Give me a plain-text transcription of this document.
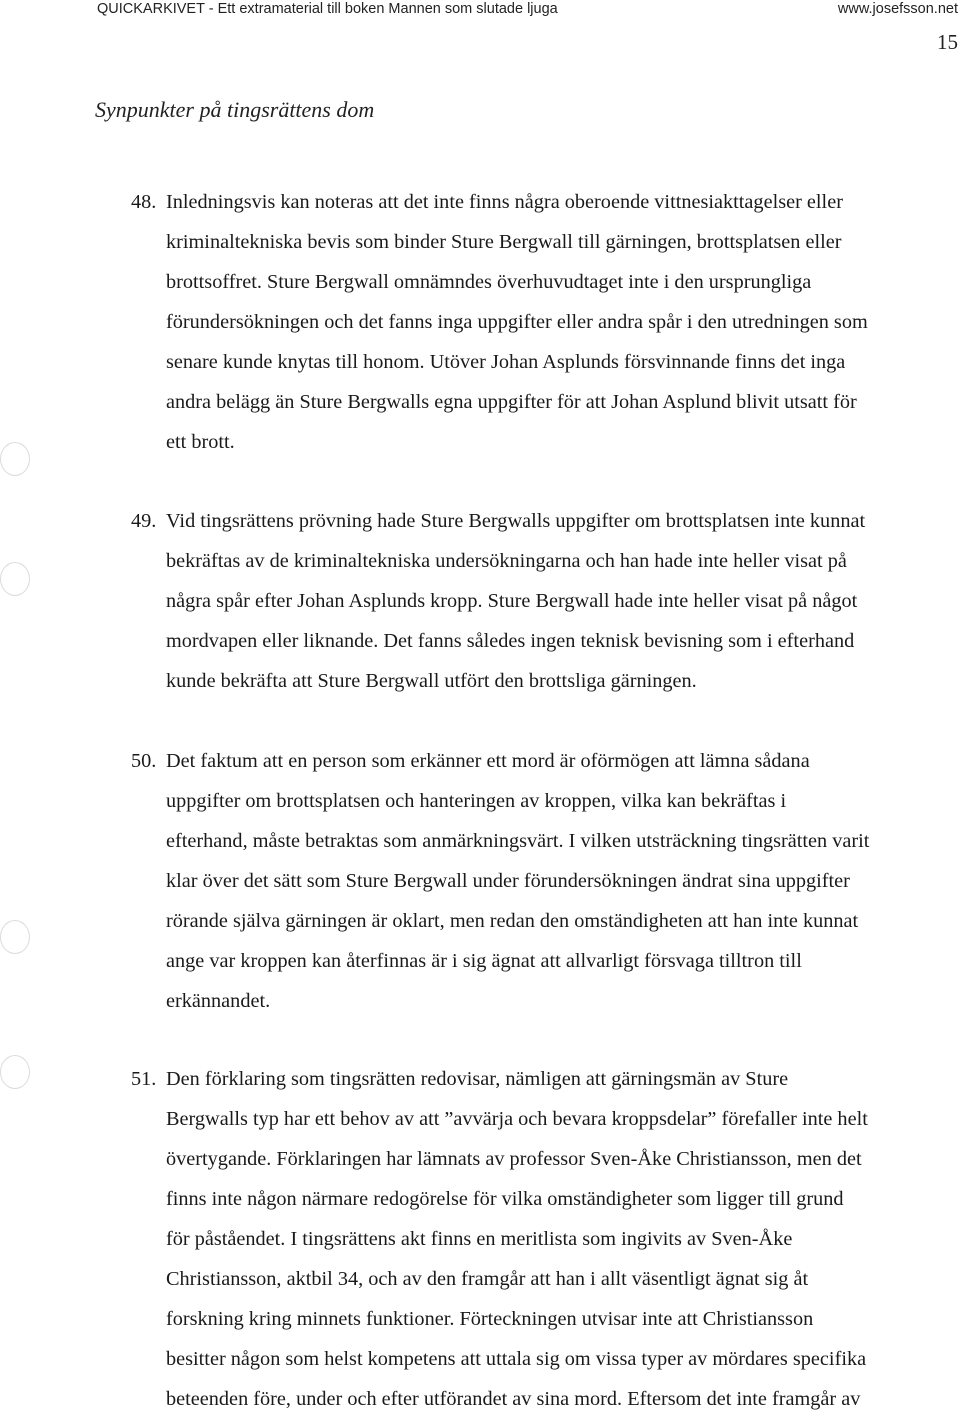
QUICKARKIVET - Ett extramaterial till boken Mannen som slutade ljuga	www.josefsson.net
15
Synpunkter på tingsrättens dom
48. Inledningsvis kan noteras att det inte finns några oberoende vittnesiakttagelser eller
kriminaltekniska bevis som binder Sture Bergwall till gärningen, brottsplatsen eller
brottsoffret. Sture Bergwall omnämndes överhuvudtaget inte i den ursprungliga
förundersökningen och det fanns inga uppgifter eller andra spår i den utredningen som
senare kunde knytas till honom. Utöver Johan Asplunds försvinnande finns det inga
andra belägg än Sture Bergwalls egna uppgifter för att Johan Asplund blivit utsatt för
ett brott.
49. Vid tingsrättens prövning hade Sture Bergwalls uppgifter om brottsplatsen inte kunnat
bekräftas av de kriminaltekniska undersökningarna och han hade inte heller visat på
några spår efter Johan Asplunds kropp. Sture Bergwall hade inte heller visat på något
mordvapen eller liknande. Det fanns således ingen teknisk bevisning som i efterhand
kunde bekräfta att Sture Bergwall utfört den brottsliga gärningen.
50. Det faktum att en person som erkänner ett mord är oförmögen att lämna sådana
uppgifter om brottsplatsen och hanteringen av kroppen, vilka kan bekräftas i
efterhand, måste betraktas som anmärkningsvärt. I vilken utsträckning tingsrätten varit
klar över det sätt som Sture Bergwall under förundersökningen ändrat sina uppgifter
rörande själva gärningen är oklart, men redan den omständigheten att han inte kunnat
ange var kroppen kan återfinnas är i sig ägnat att allvarligt försvaga tilltron till
erkännandet.
51. Den förklaring som tingsrätten redovisar, nämligen att gärningsmän av Sture
Bergwalls typ har ett behov av att ”avvärja och bevara kroppsdelar” förefaller inte helt
övertygande. Förklaringen har lämnats av professor Sven-Åke Christiansson, men det
finns inte någon närmare redogörelse för vilka omständigheter som ligger till grund
för påståendet. I tingsrättens akt finns en meritlista som ingivits av Sven-Åke
Christiansson, aktbil 34, och av den framgår att han i allt väsentligt ägnat sig åt
forskning kring minnets funktioner. Förteckningen utvisar inte att Christiansson
besitter någon som helst kompetens att uttala sig om vissa typer av mördares specifika
beteenden före, under och efter utförandet av sina mord. Eftersom det inte framgår av
